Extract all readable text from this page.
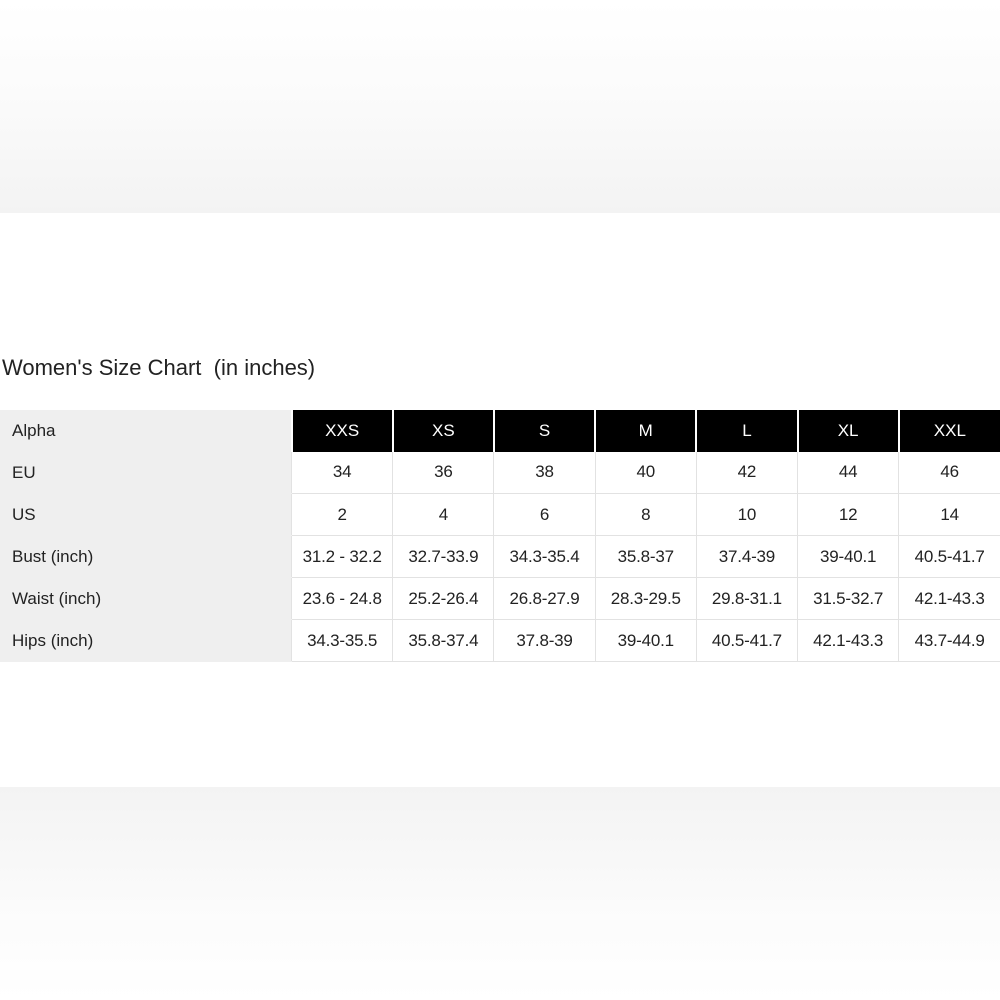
Women's Size Chart  (in inches)
Alpha	XXS	XS	S	M	L	XL	XXL
EU	34	36	38	40	42	44	46
US	2	4	6	8	10	12	14
Bust (inch)	31.2 - 32.2	32.7-33.9	34.3-35.4	35.8-37	37.4-39	39-40.1	40.5-41.7
Waist (inch)	23.6 - 24.8	25.2-26.4	26.8-27.9	28.3-29.5	29.8-31.1	31.5-32.7	42.1-43.3
Hips (inch)	34.3-35.5	35.8-37.4	37.8-39	39-40.1	40.5-41.7	42.1-43.3	43.7-44.9
